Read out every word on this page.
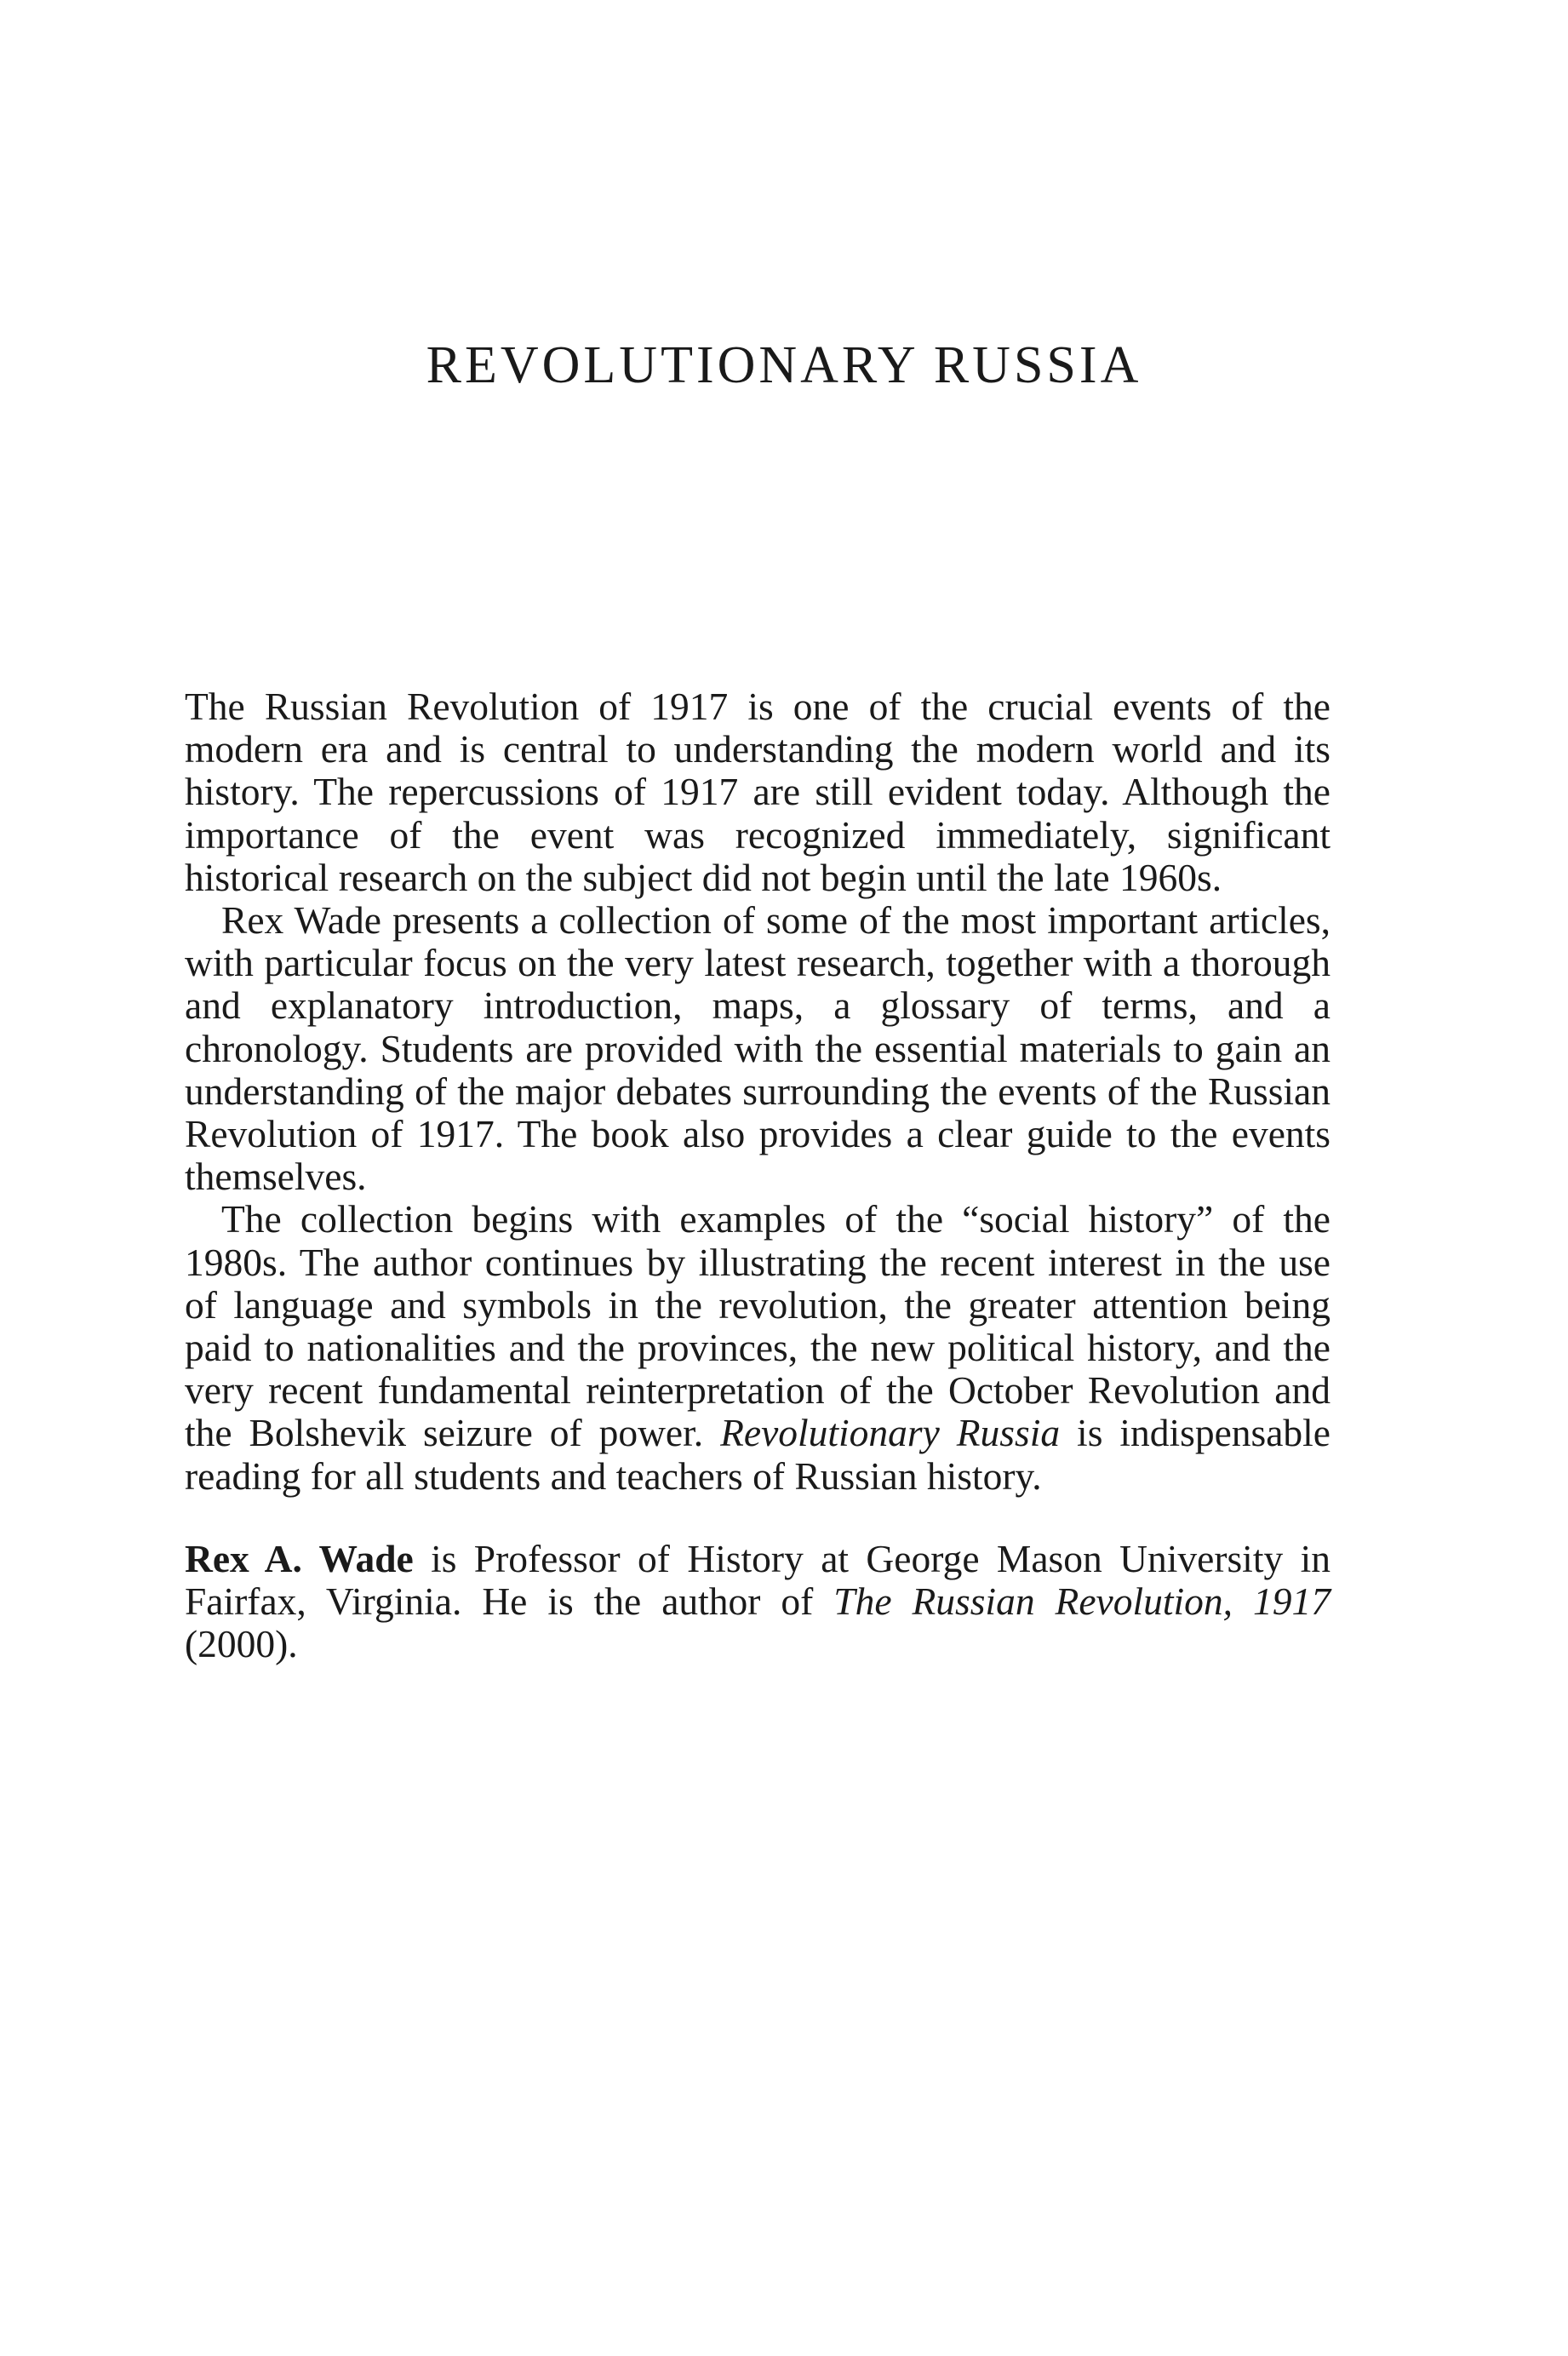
REVOLUTIONARY RUSSIA

The Russian Revolution of 1917 is one of the crucial events of the modern era and is central to understanding the modern world and its history. The repercussions of 1917 are still evident today. Although the importance of the event was recognized immediately, significant historical research on the subject did not begin until the late 1960s.

Rex Wade presents a collection of some of the most important articles, with particular focus on the very latest research, together with a thorough and explanatory introduction, maps, a glossary of terms, and a chronology. Students are provided with the essential materials to gain an understanding of the major debates surrounding the events of the Russian Revolution of 1917. The book also provides a clear guide to the events themselves.

The collection begins with examples of the “social history” of the 1980s. The author continues by illustrating the recent interest in the use of language and symbols in the revolution, the greater attention being paid to nationalities and the provinces, the new political history, and the very recent fundamental reinterpretation of the October Revolution and the Bolshevik seizure of power. Revolutionary Russia is indispensable reading for all students and teachers of Russian history.

Rex A. Wade is Professor of History at George Mason University in Fairfax, Virginia. He is the author of The Russian Revolution, 1917 (2000).
